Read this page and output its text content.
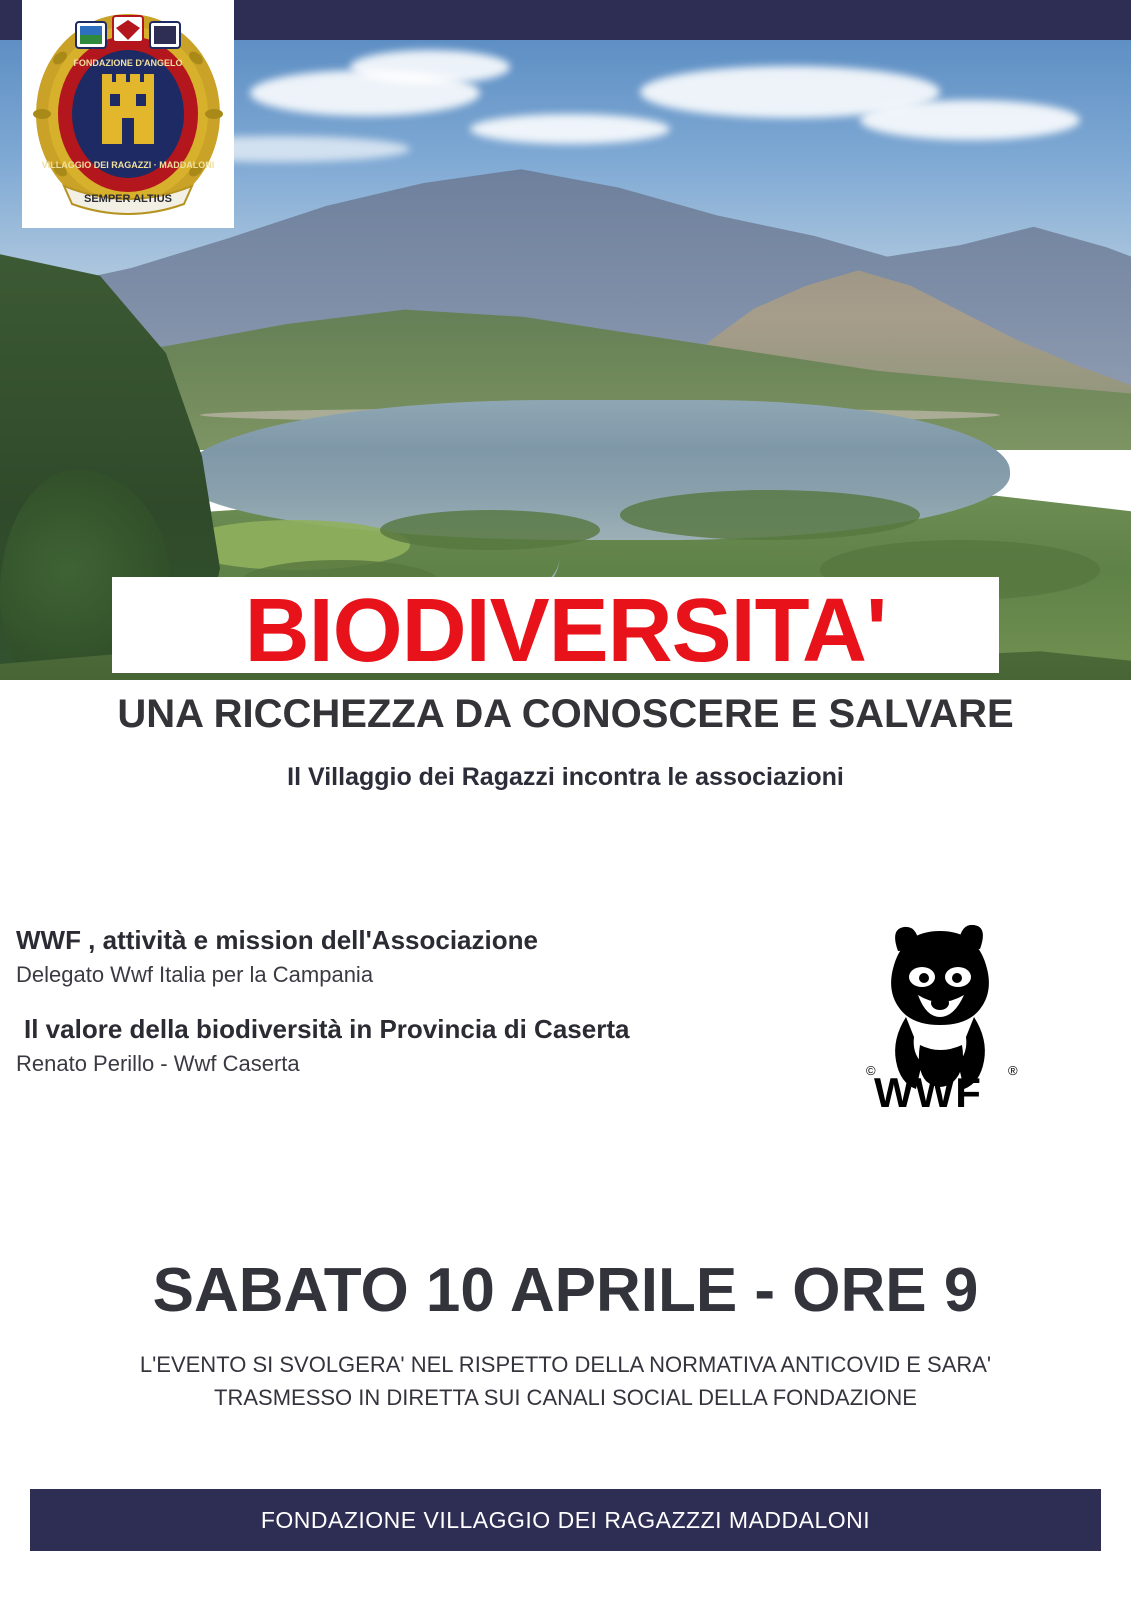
SEMPER ALTIUS
FONDAZIONE D'ANGELO
VILLAGGIO DEI RAGAZZI · MADDALONI
BIODIVERSITA'
UNA RICCHEZZA DA CONOSCERE E SALVARE
Il Villaggio dei Ragazzi incontra le associazioni
WWF , attività e mission dell'Associazione
Delegato Wwf Italia per la Campania
Il valore della biodiversità in Provincia di Caserta
Renato Perillo - Wwf Caserta
WWF
©	®
SABATO 10 APRILE - ORE 9
L'EVENTO SI SVOLGERA' NEL RISPETTO DELLA NORMATIVA ANTICOVID E SARA'
TRASMESSO IN DIRETTA SUI CANALI SOCIAL DELLA FONDAZIONE
FONDAZIONE VILLAGGIO DEI RAGAZZZI MADDALONI
